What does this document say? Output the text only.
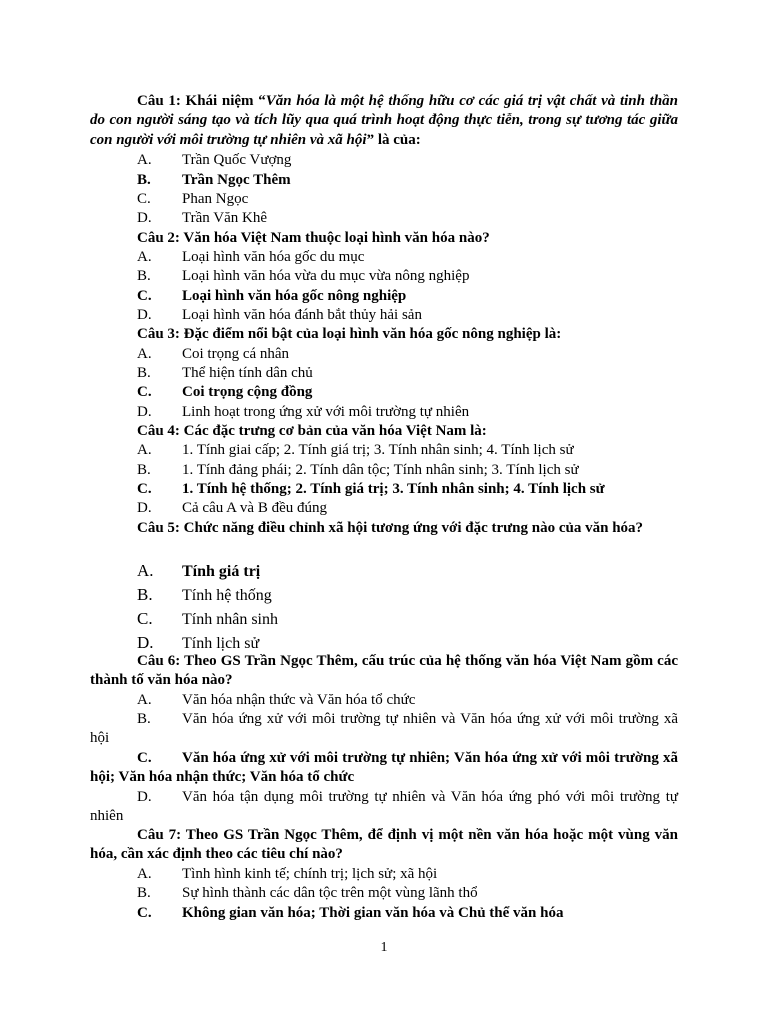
Câu 1: Khái niệm “Văn hóa là một hệ thống hữu cơ các giá trị vật chất và tinh thần do con người sáng tạo và tích lũy qua quá trình hoạt động thực tiễn, trong sự tương tác giữa con người với môi trường tự nhiên và xã hội” là của:
A. Trần Quốc Vượng
B. Trần Ngọc Thêm
C. Phan Ngọc
D. Trần Văn Khê
Câu 2: Văn hóa Việt Nam thuộc loại hình văn hóa nào?
A. Loại hình văn hóa gốc du mục
B. Loại hình văn hóa vừa du mục vừa nông nghiệp
C. Loại hình văn hóa gốc nông nghiệp
D. Loại hình văn hóa đánh bắt thủy hải sản
Câu 3: Đặc điểm nổi bật của loại hình văn hóa gốc nông nghiệp là:
A. Coi trọng cá nhân
B. Thể hiện tính dân chủ
C. Coi trọng cộng đồng
D. Linh hoạt trong ứng xử với môi trường tự nhiên
Câu 4: Các đặc trưng cơ bản của văn hóa Việt Nam là:
A. 1. Tính giai cấp; 2. Tính giá trị; 3. Tính nhân sinh; 4. Tính lịch sử
B. 1. Tính đảng phái; 2. Tính dân tộc; Tính nhân sinh; 3. Tính lịch sử
C. 1. Tính hệ thống; 2. Tính giá trị; 3. Tính nhân sinh; 4. Tính lịch sử
D. Cả câu A và B đều đúng
Câu 5: Chức năng điều chỉnh xã hội tương ứng với đặc trưng nào của văn hóa?
A. Tính giá trị
B. Tính hệ thống
C. Tính nhân sinh
D. Tính lịch sử
Câu 6: Theo GS Trần Ngọc Thêm, cấu trúc của hệ thống văn hóa Việt Nam gồm các thành tố văn hóa nào?
A. Văn hóa nhận thức và Văn hóa tổ chức
B. Văn hóa ứng xử với môi trường tự nhiên và Văn hóa ứng xử với môi trường xã hội
C. Văn hóa ứng xử với môi trường tự nhiên; Văn hóa ứng xử với môi trường xã hội; Văn hóa nhận thức; Văn hóa tổ chức
D. Văn hóa tận dụng môi trường tự nhiên và Văn hóa ứng phó với môi trường tự nhiên
Câu 7: Theo GS Trần Ngọc Thêm, để định vị một nền văn hóa hoặc một vùng văn hóa, cần xác định theo các tiêu chí nào?
A. Tình hình kinh tế; chính trị; lịch sử; xã hội
B. Sự hình thành các dân tộc trên một vùng lãnh thổ
C. Không gian văn hóa; Thời gian văn hóa và Chủ thể văn hóa
1
